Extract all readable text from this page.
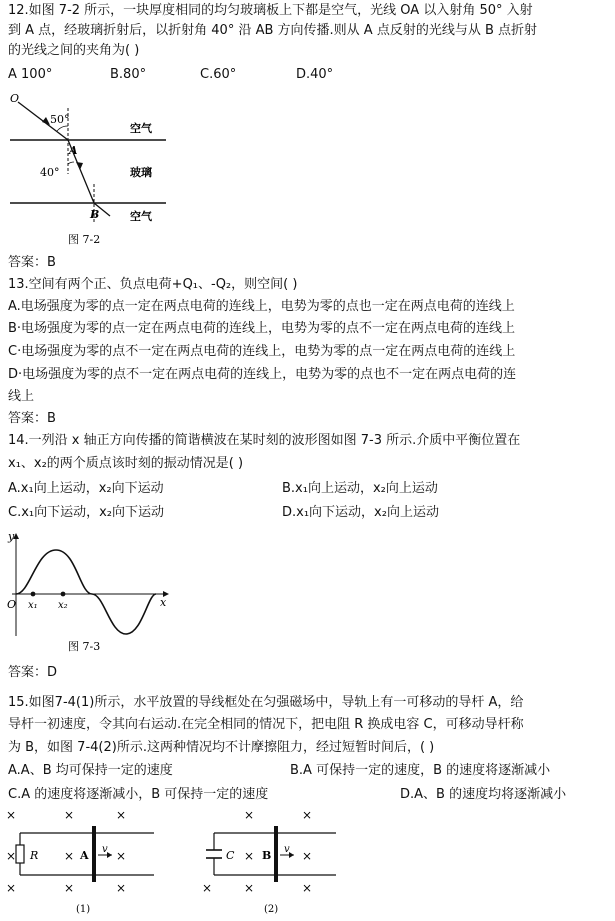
12.如图 7-2 所示，一块厚度相同的均匀玻璃板上下都是空气，光线 OA 以入射角 50° 入射
到 A 点，经玻璃折射后，以折射角 40° 沿 AB 方向传播.则从 A 点反射的光线与从 B 点折射
的光线之间的夹角为( )
A 100°	B.80°	C.60°	D.40°
O
50°
A
40°
B
空气
玻璃
空气
图 7-2
答案：B
13.空间有两个正、负点电荷+Q₁、-Q₂，则空间( )
A.电场强度为零的点一定在两点电荷的连线上，电势为零的点也一定在两点电荷的连线上
B·电场强度为零的点一定在两点电荷的连线上，电势为零的点不一定在两点电荷的连线上
C·电场强度为零的点不一定在两点电荷的连线上，电势为零的点一定在两点电荷的连线上
D·电场强度为零的点不一定在两点电荷的连线上，电势为零的点也不一定在两点电荷的连
线上
答案：B
14.一列沿 x 轴正方向传播的简谐横波在某时刻的波形图如图 7-3 所示.介质中平衡位置在
x₁、x₂的两个质点该时刻的振动情况是( )
A.x₁向上运动，x₂向下运动	B.x₁向上运动，x₂向上运动
C.x₁向下运动，x₂向下运动	D.x₁向下运动，x₂向上运动
y
x
O x₁ x₂
图 7-3
答案：D
15.如图7-4(1)所示，水平放置的导线框处在匀强磁场中，导轨上有一可移动的导杆 A，给
导杆一初速度，令其向右运动.在完全相同的情况下，把电阻 R 换成电容 C，可移动导杆称
为 B，如图 7-4(2)所示.这两种情况均不计摩擦阻力，经过短暂时间后，( )
A.A、B 均可保持一定的速度	B.A 可保持一定的速度，B 的速度将逐渐减小
C.A 的速度将逐渐减小，B 可保持一定的速度	D.A、B 的速度均将逐渐减小
×	×	×
×	×	×
×	×	×
×	×
×	×
×	×	×
R	A v	C	B v
(1)	(2)
